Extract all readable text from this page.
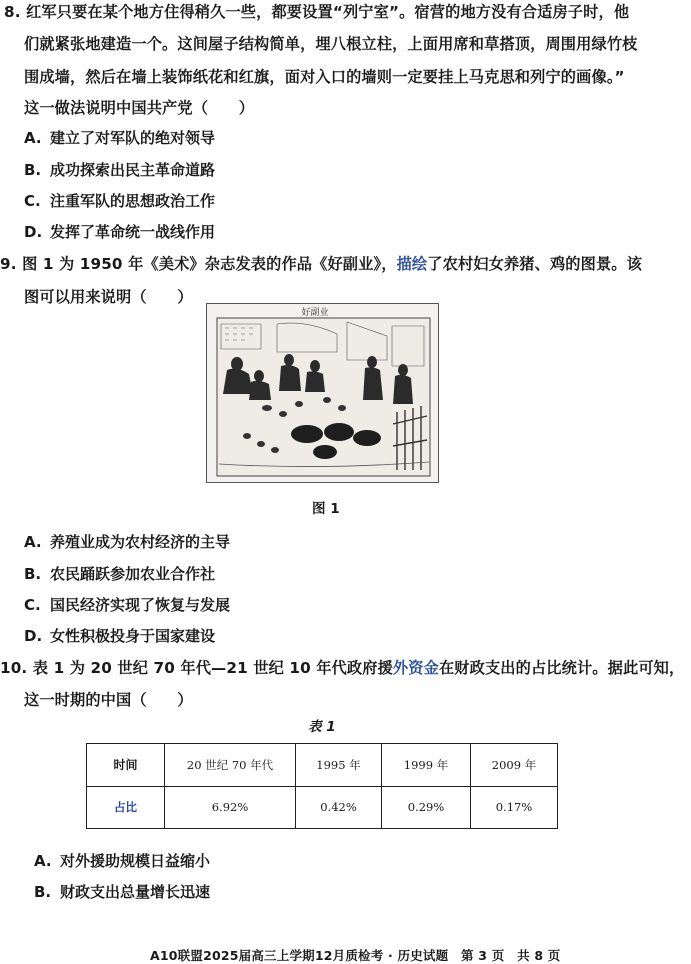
8. 红军只要在某个地方住得稍久一些，都要设置“列宁室”。宿营的地方没有合适房子时，他
们就紧张地建造一个。这间屋子结构简单，埋八根立柱，上面用席和草搭顶，周围用绿竹枝
围成墙，然后在墙上装饰纸花和红旗，面对入口的墙则一定要挂上马克思和列宁的画像。”
这一做法说明中国共产党（　　）
A. 建立了对军队的绝对领导
B. 成功探索出民主革命道路
C. 注重军队的思想政治工作
D. 发挥了革命统一战线作用
9. 图 1 为 1950 年《美术》杂志发表的作品《好副业》，描绘了农村妇女养猪、鸡的图景。该
图可以用来说明（　　）
好副业
图 1
A. 养殖业成为农村经济的主导
B. 农民踊跃参加农业合作社
C. 国民经济实现了恢复与发展
D. 女性积极投身于国家建设
10. 表 1 为 20 世纪 70 年代—21 世纪 10 年代政府援外资金在财政支出的占比统计。据此可知，
这一时期的中国（　　）
表 1
时间	20 世纪 70 年代	1995 年	1999 年	2009 年
占比	6.92%	0.42%	0.29%	0.17%
A. 对外援助规模日益缩小
B. 财政支出总量增长迅速
A10联盟2025届高三上学期12月质检考 · 历史试题　第 3 页　共 8 页
